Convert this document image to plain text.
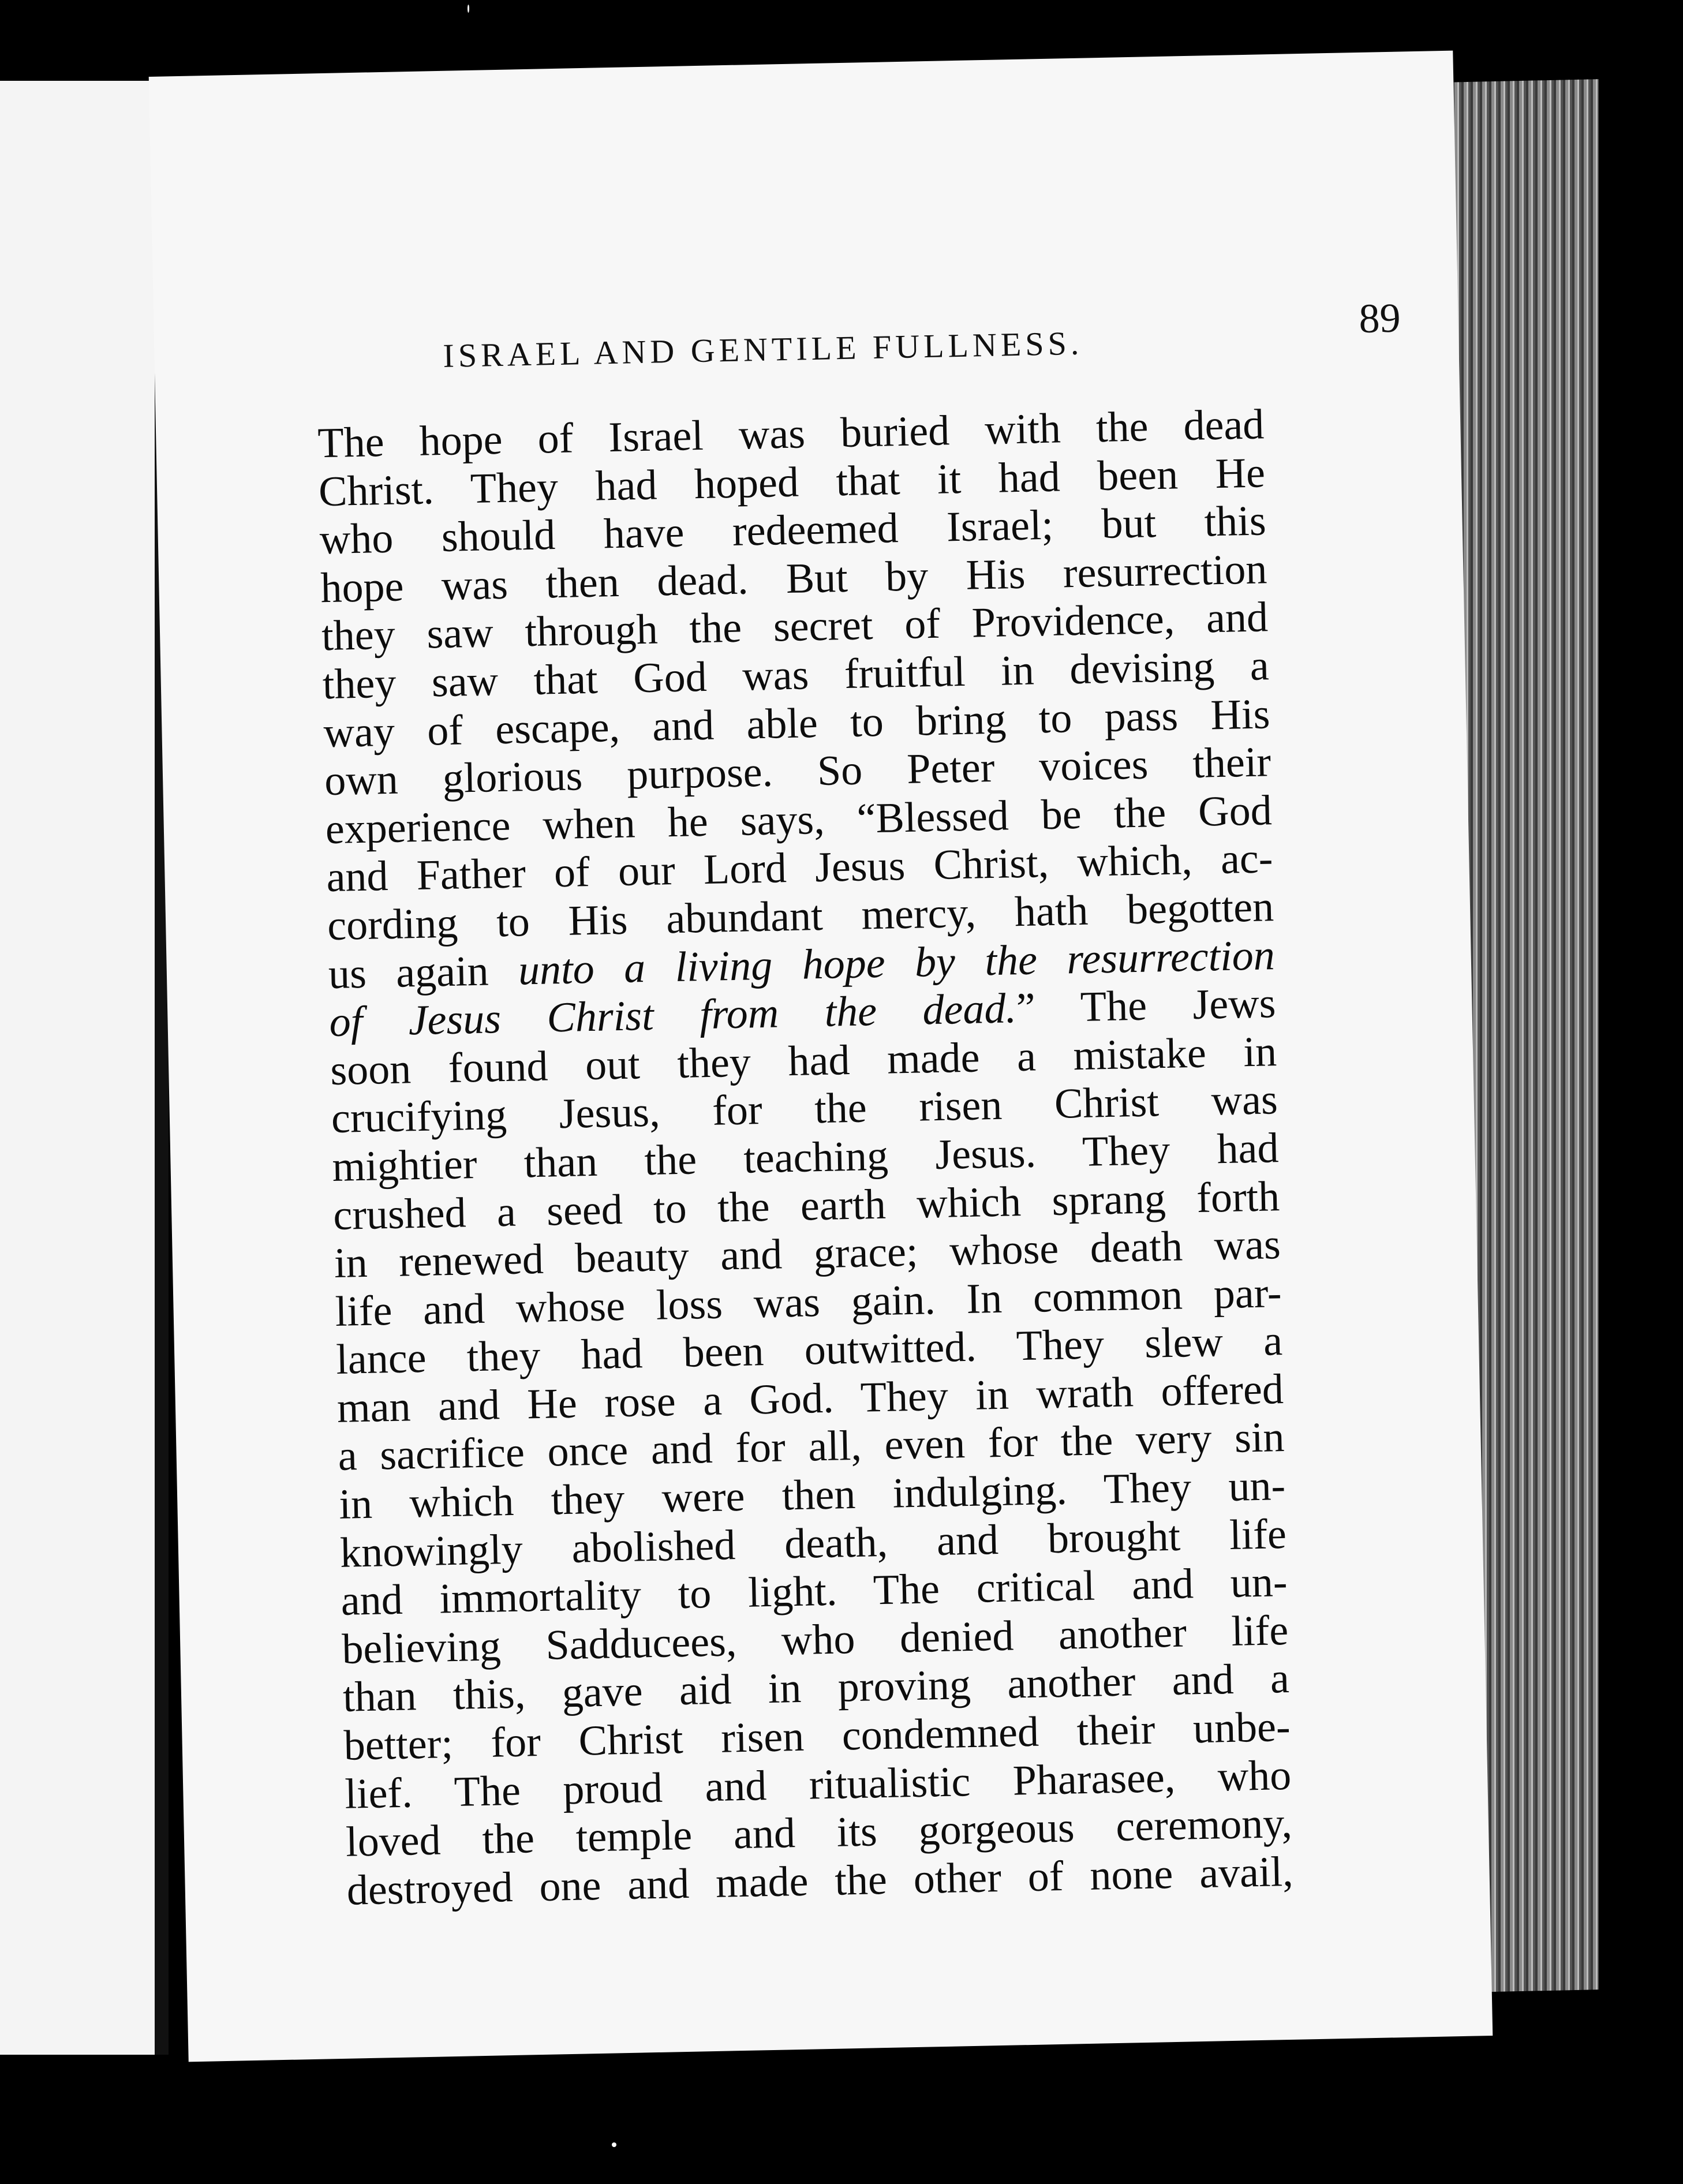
ISRAEL AND GENTILE FULLNESS.
89
The hope of Israel was buried with the dead
Christ. They had hoped that it had been He
who should have redeemed Israel; but this
hope was then dead. But by His resurrection
they saw through the secret of Providence, and
they saw that God was fruitful in devising a
way of escape, and able to bring to pass His
own glorious purpose. So Peter voices their
experience when he says, “Blessed be the God
and Father of our Lord Jesus Christ, which, ac-
cording to His abundant mercy, hath begotten
us again unto a living hope by the resurrection
of Jesus Christ from the dead.” The Jews
soon found out they had made a mistake in
crucifying Jesus, for the risen Christ was
mightier than the teaching Jesus. They had
crushed a seed to the earth which sprang forth
in renewed beauty and grace; whose death was
life and whose loss was gain. In common par-
lance they had been outwitted. They slew a
man and He rose a God. They in wrath offered
a sacrifice once and for all, even for the very sin
in which they were then indulging. They un-
knowingly abolished death, and brought life
and immortality to light. The critical and un-
believing Sadducees, who denied another life
than this, gave aid in proving another and a
better; for Christ risen condemned their unbe-
lief. The proud and ritualistic Pharasee, who
loved the temple and its gorgeous ceremony,
destroyed one and made the other of none avail,
